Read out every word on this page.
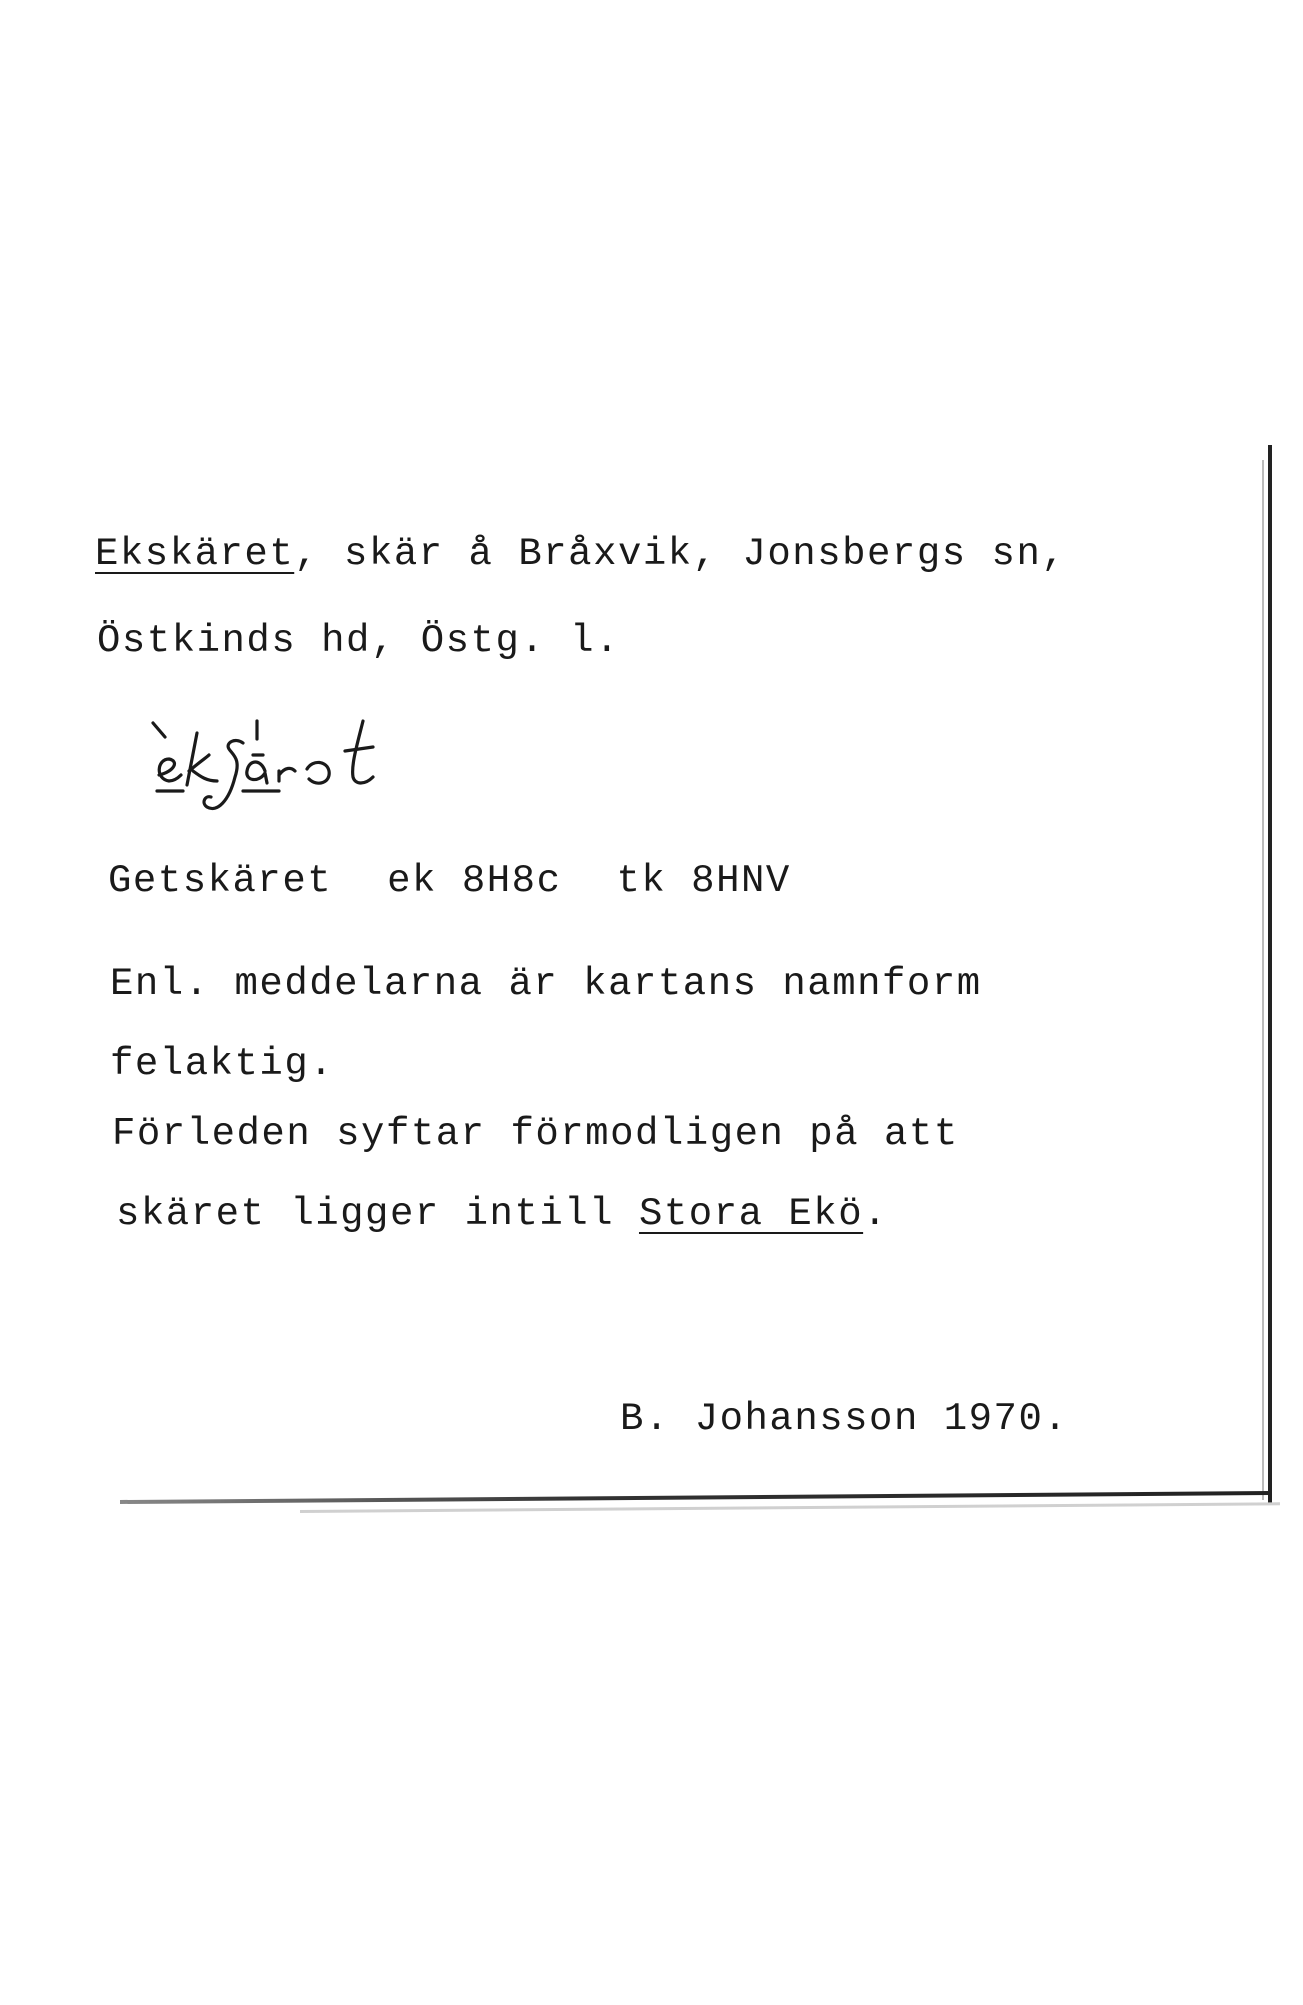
Ekskäret, skär å Bråxvik, Jonsbergs sn,
Östkinds hd, Östg. l.
Getskäret ek 8H8c tk 8HNV
Enl. meddelarna är kartans namnform
felaktig.
Förleden syftar förmodligen på att
skäret ligger intill Stora Ekö.
B. Johansson 1970.
